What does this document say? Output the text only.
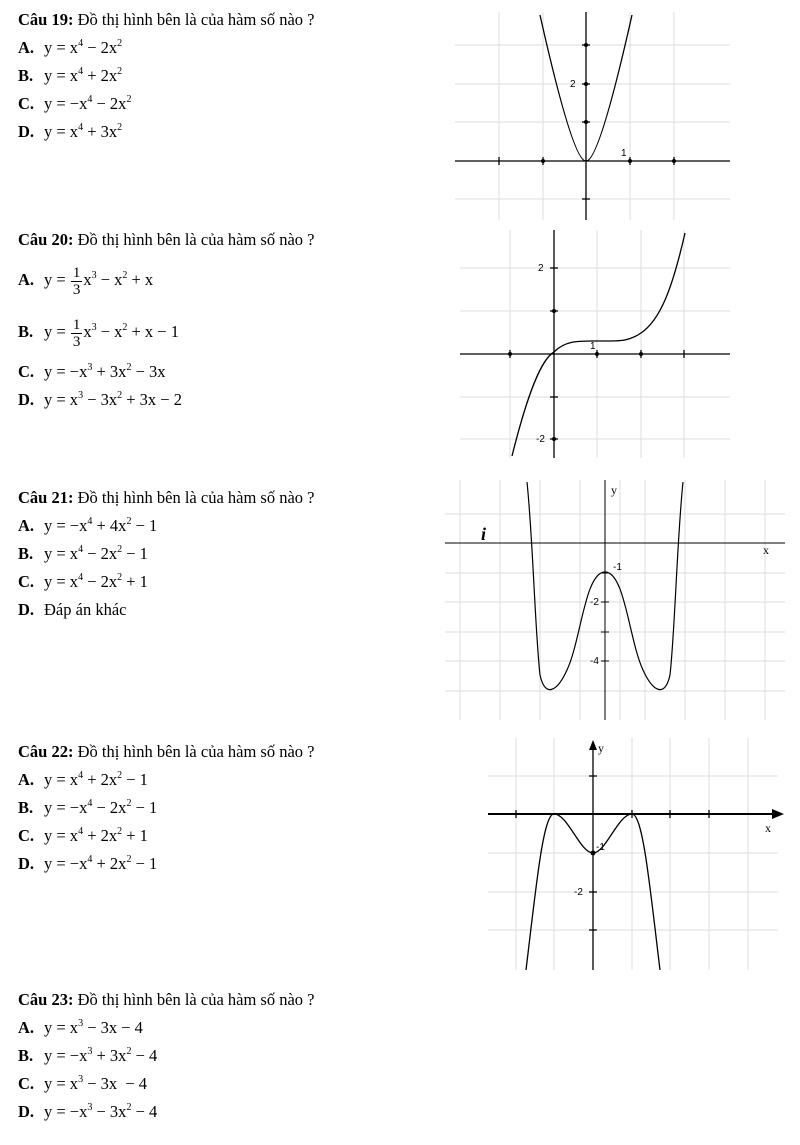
Câu 19: Đồ thị hình bên là của hàm số nào ?
A. $y = x^4 - 2x^2$
B. $y = x^4 + 2x^2$
C. $y = -x^4 - 2x^2$
D. $y = x^4 + 3x^2$
2
1
Câu 20: Đồ thị hình bên là của hàm số nào ?
A. $y = \frac{1}{3} x^3 - x^2 + x$
B. $y = \frac{1}{3} x^3 - x^2 + x - 1$
C. $y = -x^3 + 3x^2 - 3x$
D. $y = x^3 - 3x^2 + 3x - 2$
2
1
-2
Câu 21: Đồ thị hình bên là của hàm số nào ?
A. $y = -x^4 + 4x^2 - 1$
B. $y = x^4 - 2x^2 - 1$
C. $y = x^4 - 2x^2 + 1$
D. Đáp án khác
y
x
-1
-2
-4
i
Câu 22: Đồ thị hình bên là của hàm số nào ?
A. $y = x^4 + 2x^2 - 1$
B. $y = -x^4 - 2x^2 - 1$
C. $y = x^4 + 2x^2 + 1$
D. $y = -x^4 + 2x^2 - 1$
y
x
-1
-2
Câu 23: Đồ thị hình bên là của hàm số nào ?
A. $y = x^3 - 3x - 4$
B. $y = -x^3 + 3x^2 - 4$
C. $y = x^3 - 3x - 4$
D. $y = -x^3 - 3x^2 - 4$
